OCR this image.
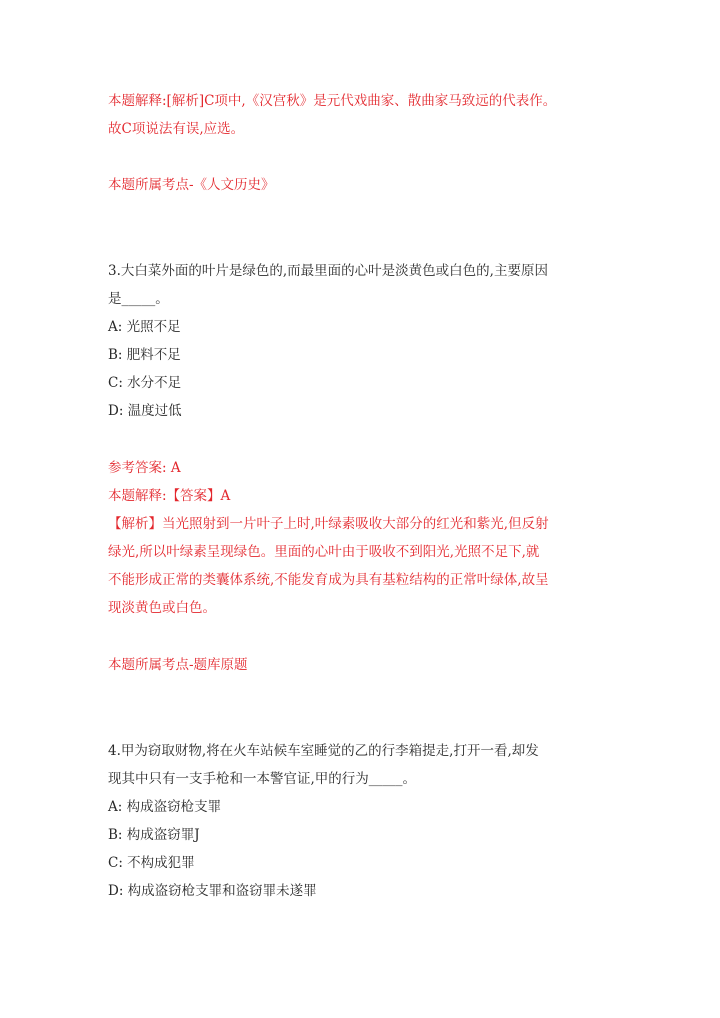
本题解释:[解析]C项中,《汉宫秋》是元代戏曲家、散曲家马致远的代表作。
故C项说法有误,应选。
本题所属考点-《人文历史》
3.大白菜外面的叶片是绿色的,而最里面的心叶是淡黄色或白色的,主要原因
是_____。
A: 光照不足
B: 肥料不足
C: 水分不足
D: 温度过低
参考答案: A
本题解释:【答案】A
【解析】当光照射到一片叶子上时,叶绿素吸收大部分的红光和紫光,但反射
绿光,所以叶绿素呈现绿色。里面的心叶由于吸收不到阳光,光照不足下,就
不能形成正常的类囊体系统,不能发育成为具有基粒结构的正常叶绿体,故呈
现淡黄色或白色。
本题所属考点-题库原题
4.甲为窃取财物,将在火车站候车室睡觉的乙的行李箱提走,打开一看,却发
现其中只有一支手枪和一本警官证,甲的行为_____。
A: 构成盗窃枪支罪
B: 构成盗窃罪J
C: 不构成犯罪
D: 构成盗窃枪支罪和盗窃罪未遂罪
